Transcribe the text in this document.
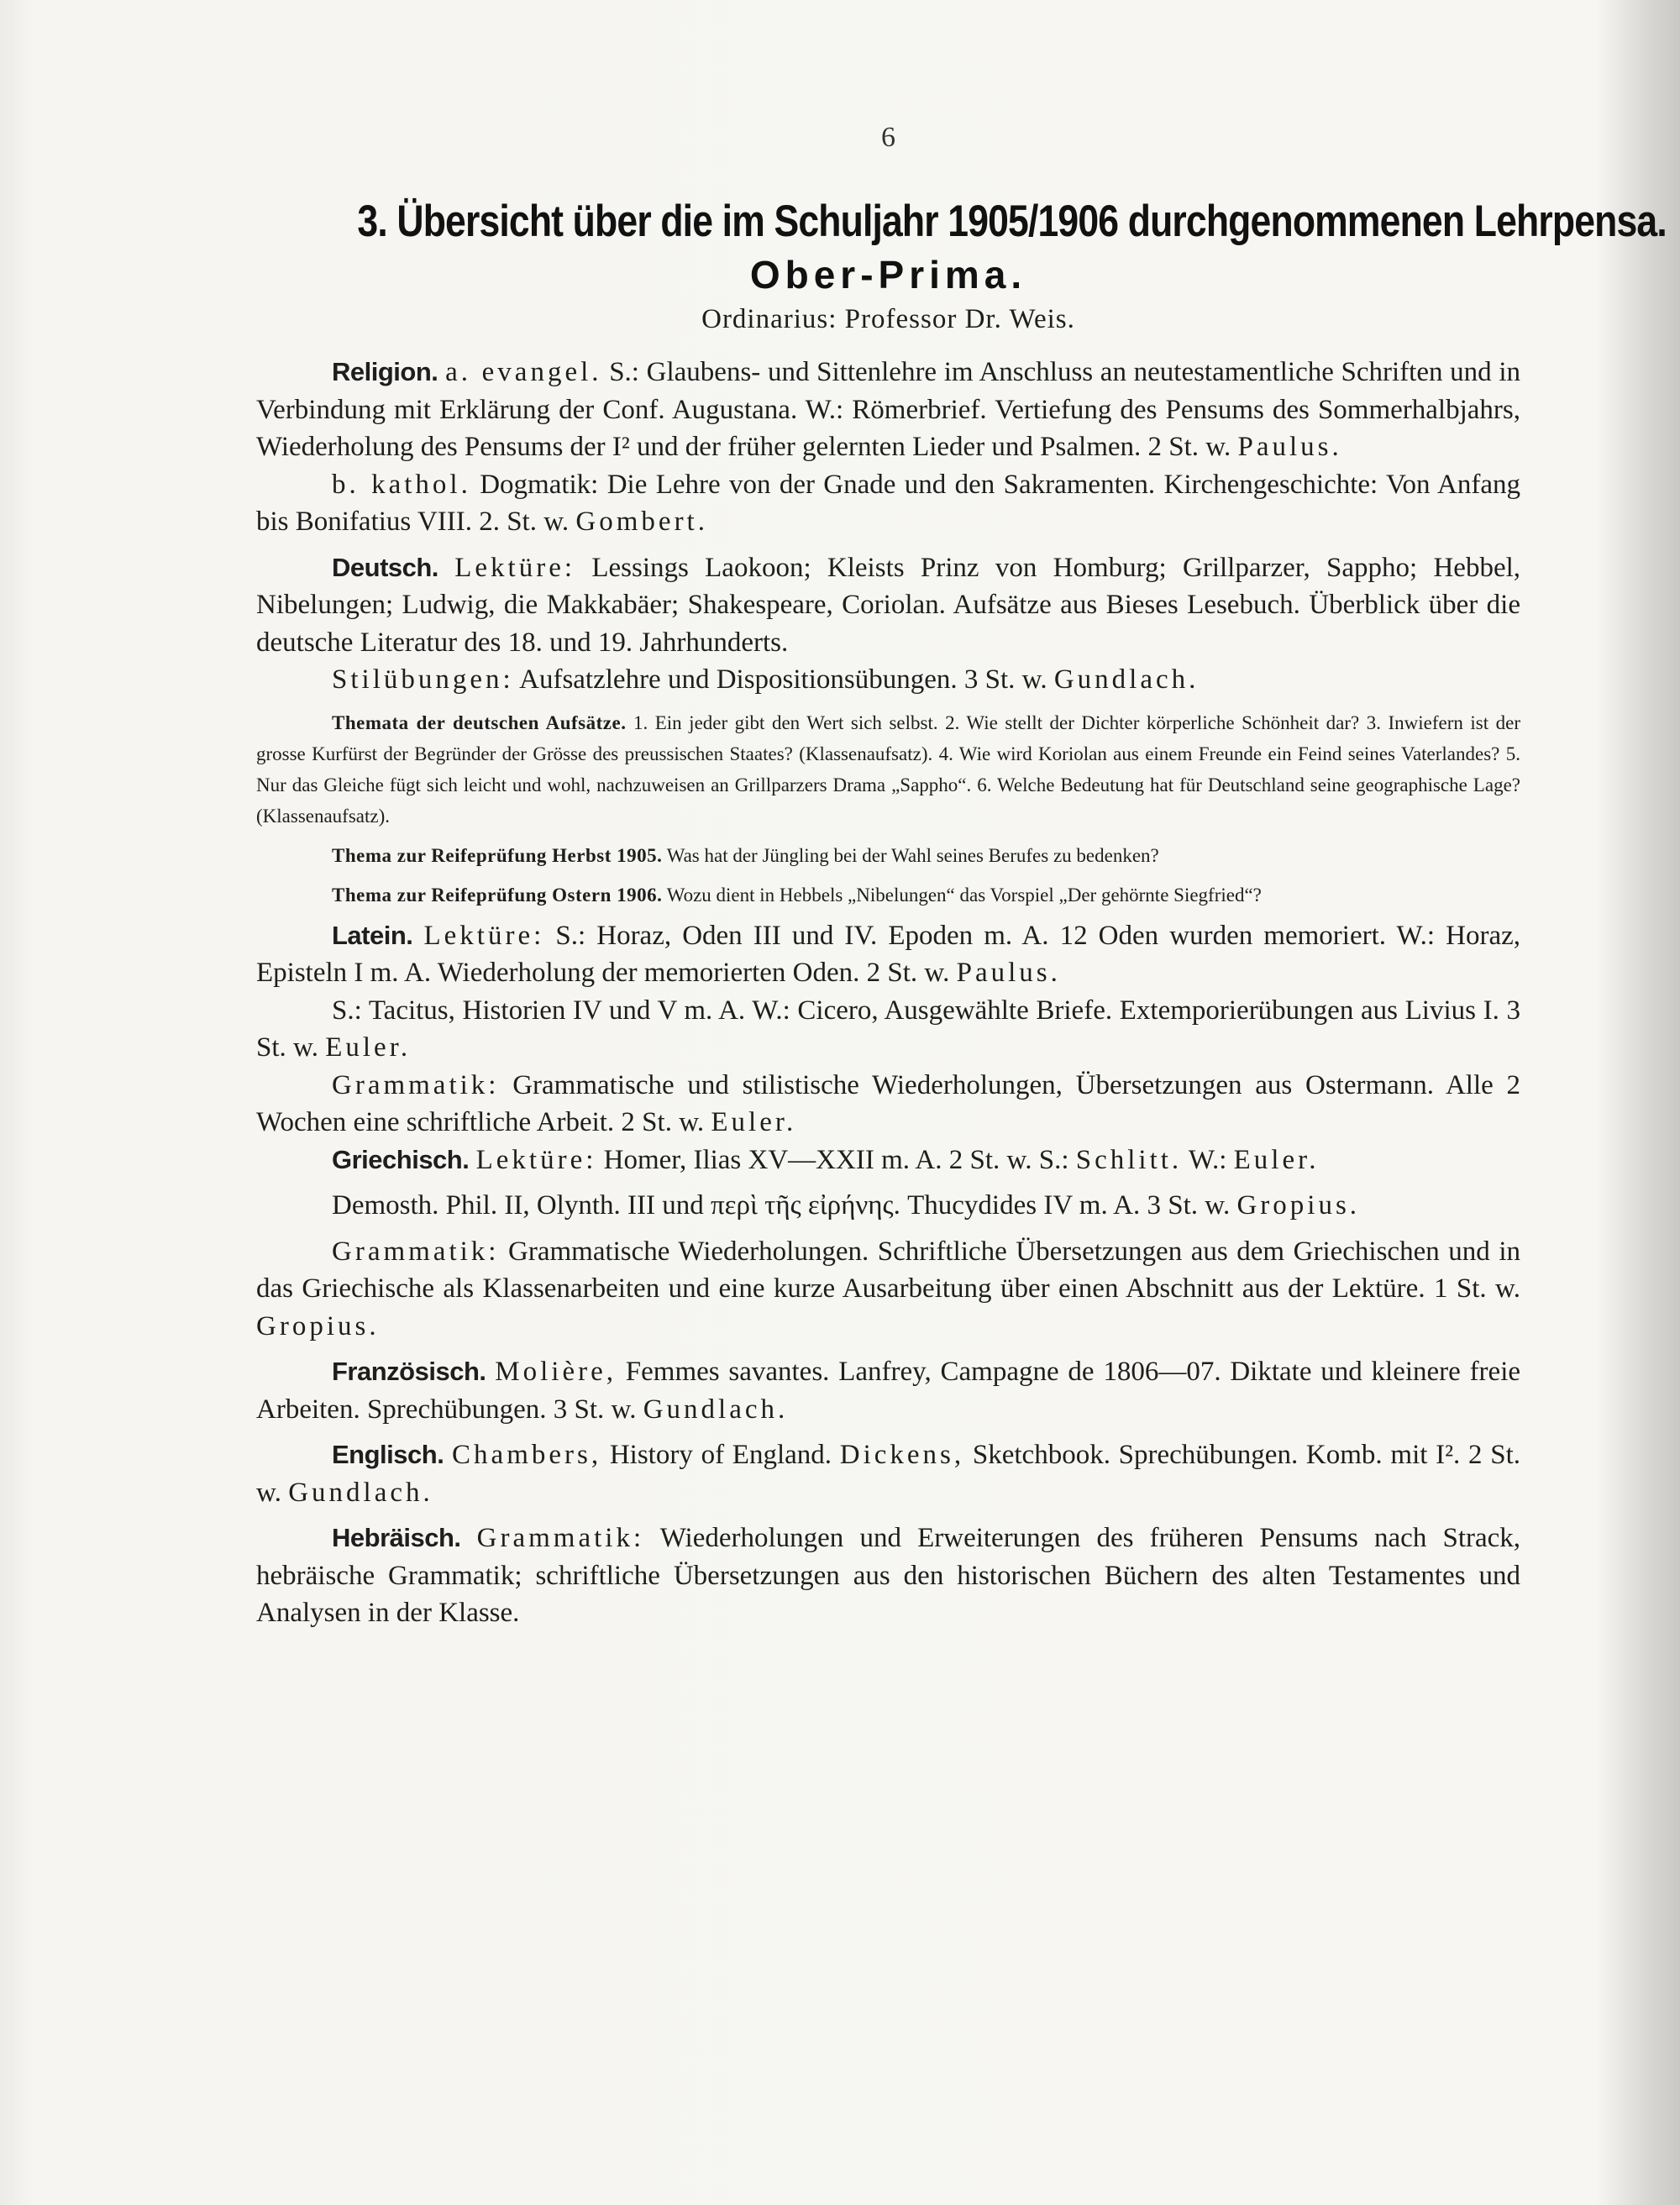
6
3. Übersicht über die im Schuljahr 1905/1906 durchgenommenen Lehrpensa.
Ober-Prima.
Ordinarius: Professor Dr. Weis.

Religion. a. evangel. S.: Glaubens- und Sittenlehre im Anschluss an neutestamentliche Schriften und in Verbindung mit Erklärung der Conf. Augustana. W.: Römerbrief. Vertiefung des Pensums des Sommerhalbjahrs, Wiederholung des Pensums der I² und der früher gelernten Lieder und Psalmen. 2 St. w. Paulus.

b. kathol. Dogmatik: Die Lehre von der Gnade und den Sakramenten. Kirchengeschichte: Von Anfang bis Bonifatius VIII. 2. St. w. Gombert.

Deutsch. Lektüre: Lessings Laokoon; Kleists Prinz von Homburg; Grillparzer, Sappho; Hebbel, Nibelungen; Ludwig, die Makkabäer; Shakespeare, Coriolan. Aufsätze aus Bieses Lesebuch. Überblick über die deutsche Literatur des 18. und 19. Jahrhunderts.

Stilübungen: Aufsatzlehre und Dispositionsübungen. 3 St. w. Gundlach.

Themata der deutschen Aufsätze. 1. Ein jeder gibt den Wert sich selbst. 2. Wie stellt der Dichter körperliche Schönheit dar? 3. Inwiefern ist der grosse Kurfürst der Begründer der Grösse des preussischen Staates? (Klassenaufsatz). 4. Wie wird Koriolan aus einem Freunde ein Feind seines Vaterlandes? 5. Nur das Gleiche fügt sich leicht und wohl, nachzuweisen an Grillparzers Drama „Sappho“. 6. Welche Bedeutung hat für Deutschland seine geographische Lage? (Klassenaufsatz).

Thema zur Reifeprüfung Herbst 1905. Was hat der Jüngling bei der Wahl seines Berufes zu bedenken?

Thema zur Reifeprüfung Ostern 1906. Wozu dient in Hebbels „Nibelungen“ das Vorspiel „Der gehörnte Siegfried“?

Latein. Lektüre: S.: Horaz, Oden III und IV. Epoden m. A. 12 Oden wurden memoriert. W.: Horaz, Episteln I m. A. Wiederholung der memorierten Oden. 2 St. w. Paulus.

S.: Tacitus, Historien IV und V m. A. W.: Cicero, Ausgewählte Briefe. Extemporierübungen aus Livius I. 3 St. w. Euler.

Grammatik: Grammatische und stilistische Wiederholungen, Übersetzungen aus Ostermann. Alle 2 Wochen eine schriftliche Arbeit. 2 St. w. Euler.

Griechisch. Lektüre: Homer, Ilias XV—XXII m. A. 2 St. w. S.: Schlitt. W.: Euler.

Demosth. Phil. II, Olynth. III und περὶ τῆς εἰρήνης. Thucydides IV m. A. 3 St. w. Gropius.

Grammatik: Grammatische Wiederholungen. Schriftliche Übersetzungen aus dem Griechischen und in das Griechische als Klassenarbeiten und eine kurze Ausarbeitung über einen Abschnitt aus der Lektüre. 1 St. w. Gropius.

Französisch. Molière, Femmes savantes. Lanfrey, Campagne de 1806—07. Diktate und kleinere freie Arbeiten. Sprechübungen. 3 St. w. Gundlach.

Englisch. Chambers, History of England. Dickens, Sketchbook. Sprechübungen. Komb. mit I². 2 St. w. Gundlach.

Hebräisch. Grammatik: Wiederholungen und Erweiterungen des früheren Pensums nach Strack, hebräische Grammatik; schriftliche Übersetzungen aus den historischen Büchern des alten Testamentes und Analysen in der Klasse.
